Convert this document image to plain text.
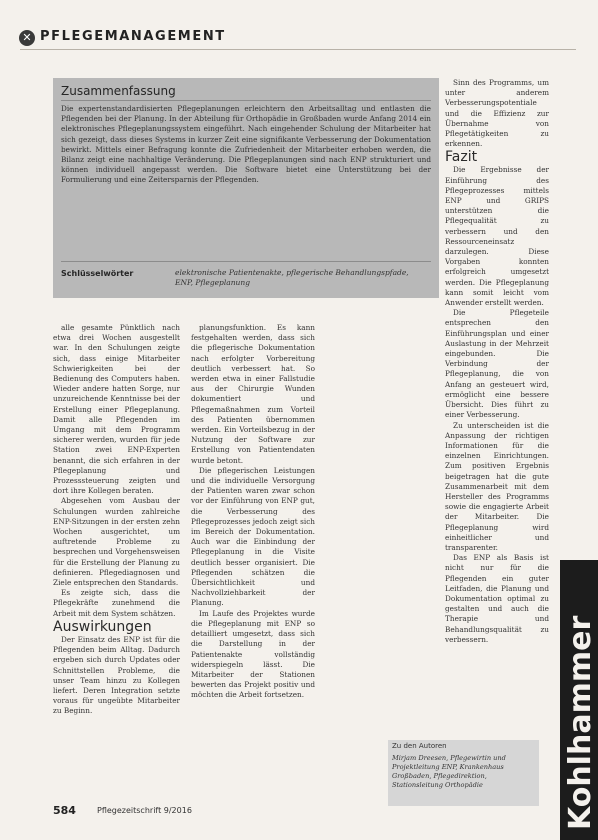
✕ PFLEGEMANAGEMENT
Zusammenfassung
Die expertenstandardisierten Pflegeplanungen erleichtern den Arbeitsalltag und entlasten die Pflegenden bei der Planung. In der Abteilung für Orthopädie in Großbaden wurde Anfang 2014 ein elektronisches Pflegeplanungssystem eingeführt. Nach eingehender Schulung der Mitarbeiter hat sich gezeigt, dass dieses Systems in kurzer Zeit eine signifikante Verbesserung der Dokumentation bewirkt. Mittels einer Befragung konnte die Zufriedenheit der Mitarbeiter erhoben werden, die Bilanz zeigt eine nachhaltige Veränderung. Die Pflegeplanungen sind nach ENP strukturiert und können individuell angepasst werden. Die Software bietet eine Unterstützung bei der Formulierung und eine Zeitersparnis der Pflegenden.
Schlüsselwörter	elektronische Patientenakte, pflegerische Behandlungspfade, ENP, Pflegeplanung

alle gesamte Pünktlich nach etwa drei Wochen ausgestellt war. In den Schulungen zeigte sich, dass einige Mitarbeiter Schwierigkeiten bei der Bedienung des Computers haben. Wieder andere hatten Sorge, nur unzureichende Kenntnisse bei der Erstellung einer Pflegeplanung. Damit alle Pflegenden im Umgang mit dem Programm sicherer werden, wurden für jede Station zwei ENP-Experten benannt, die sich erfahren in der Pflegeplanung und Prozesssteuerung zeigten und dort ihre Kollegen beraten.

Abgesehen vom Ausbau der Schulungen wurden zahlreiche ENP-Sitzungen in der ersten zehn Wochen ausgerichtet, um auftretende Probleme zu besprechen und Vorgehensweisen für die Erstellung der Planung zu definieren. Pflegediagnosen und Ziele entsprechen den Standards.

Es zeigte sich, dass die Pflegekräfte zunehmend die Arbeit mit dem System schätzen.

Auswirkungen

Der Einsatz des ENP ist für die Pflegenden beim Alltag. Dadurch ergeben sich durch Updates oder Schnittstellen Probleme, die unser Team hinzu zu Kollegen liefert. Deren Integration setzte voraus für ungeübte Mitarbeiter zu Beginn.

planungsfunktion. Es kann festgehalten werden, dass sich die pflegerische Dokumentation nach erfolgter Vorbereitung deutlich verbessert hat. So werden etwa in einer Fallstudie aus der Chirurgie Wunden dokumentiert und Pflegemaßnahmen zum Vorteil des Patienten übernommen werden. Ein Vorteilsbezug in der Nutzung der Software zur Erstellung von Patientendaten wurde betont.

Die pflegerischen Leistungen und die individuelle Versorgung der Patienten waren zwar schon vor der Einführung von ENP gut, die Verbesserung des Pflegeprozesses jedoch zeigt sich im Bereich der Dokumentation. Auch war die Einbindung der Pflegeplanung in die Visite deutlich besser organisiert. Die Pflegenden schätzen die Übersichtlichkeit und Nachvollziehbarkeit der Planung.

Im Laufe des Projektes wurde die Pflegeplanung mit ENP so detailliert umgesetzt, dass sich die Darstellung in der Patientenakte vollständig widerspiegeln lässt. Die Mitarbeiter der Stationen bewerten das Projekt positiv und möchten die Arbeit fortsetzen.

Sinn des Programms, um unter anderem Verbesserungspotentiale und die Effizienz zur Übernahme von Pflegetätigkeiten zu erkennen.

Fazit

Die Ergebnisse der Einführung des Pflegeprozesses mittels ENP und GRIPS unterstützen die Pflegequalität zu verbessern und den Ressourceneinsatz darzulegen. Diese Vorgaben konnten erfolgreich umgesetzt werden. Die Pflegeplanung kann somit leicht vom Anwender erstellt werden.

Die Pflegeteile entsprechen den Einführungsplan und einer Auslastung in der Mehrzeit eingebunden. Die Verbindung der Pflegeplanung, die von Anfang an gesteuert wird, ermöglicht eine bessere Übersicht. Dies führt zu einer Verbesserung.

Zu unterscheiden ist die Anpassung der richtigen Informationen für die einzelnen Einrichtungen. Zum positiven Ergebnis beigetragen hat die gute Zusammenarbeit mit dem Hersteller des Programms sowie die engagierte Arbeit der Mitarbeiter. Die Pflegeplanung wird einheitlicher und transparenter.

Das ENP als Basis ist nicht nur für die Pflegenden ein guter Leitfaden, die Planung und Dokumentation optimal zu gestalten und auch die Therapie und Behandlungsqualität zu verbessern.

Zu den Autoren
Mirjam Dreesen, Pflegewirtin und Projektleitung ENP, Krankenhaus Großbaden, Pflegedirektion, Stationsleitung Orthopädie
584	Pflegezeitschrift 9/2016	Kohlhammer
